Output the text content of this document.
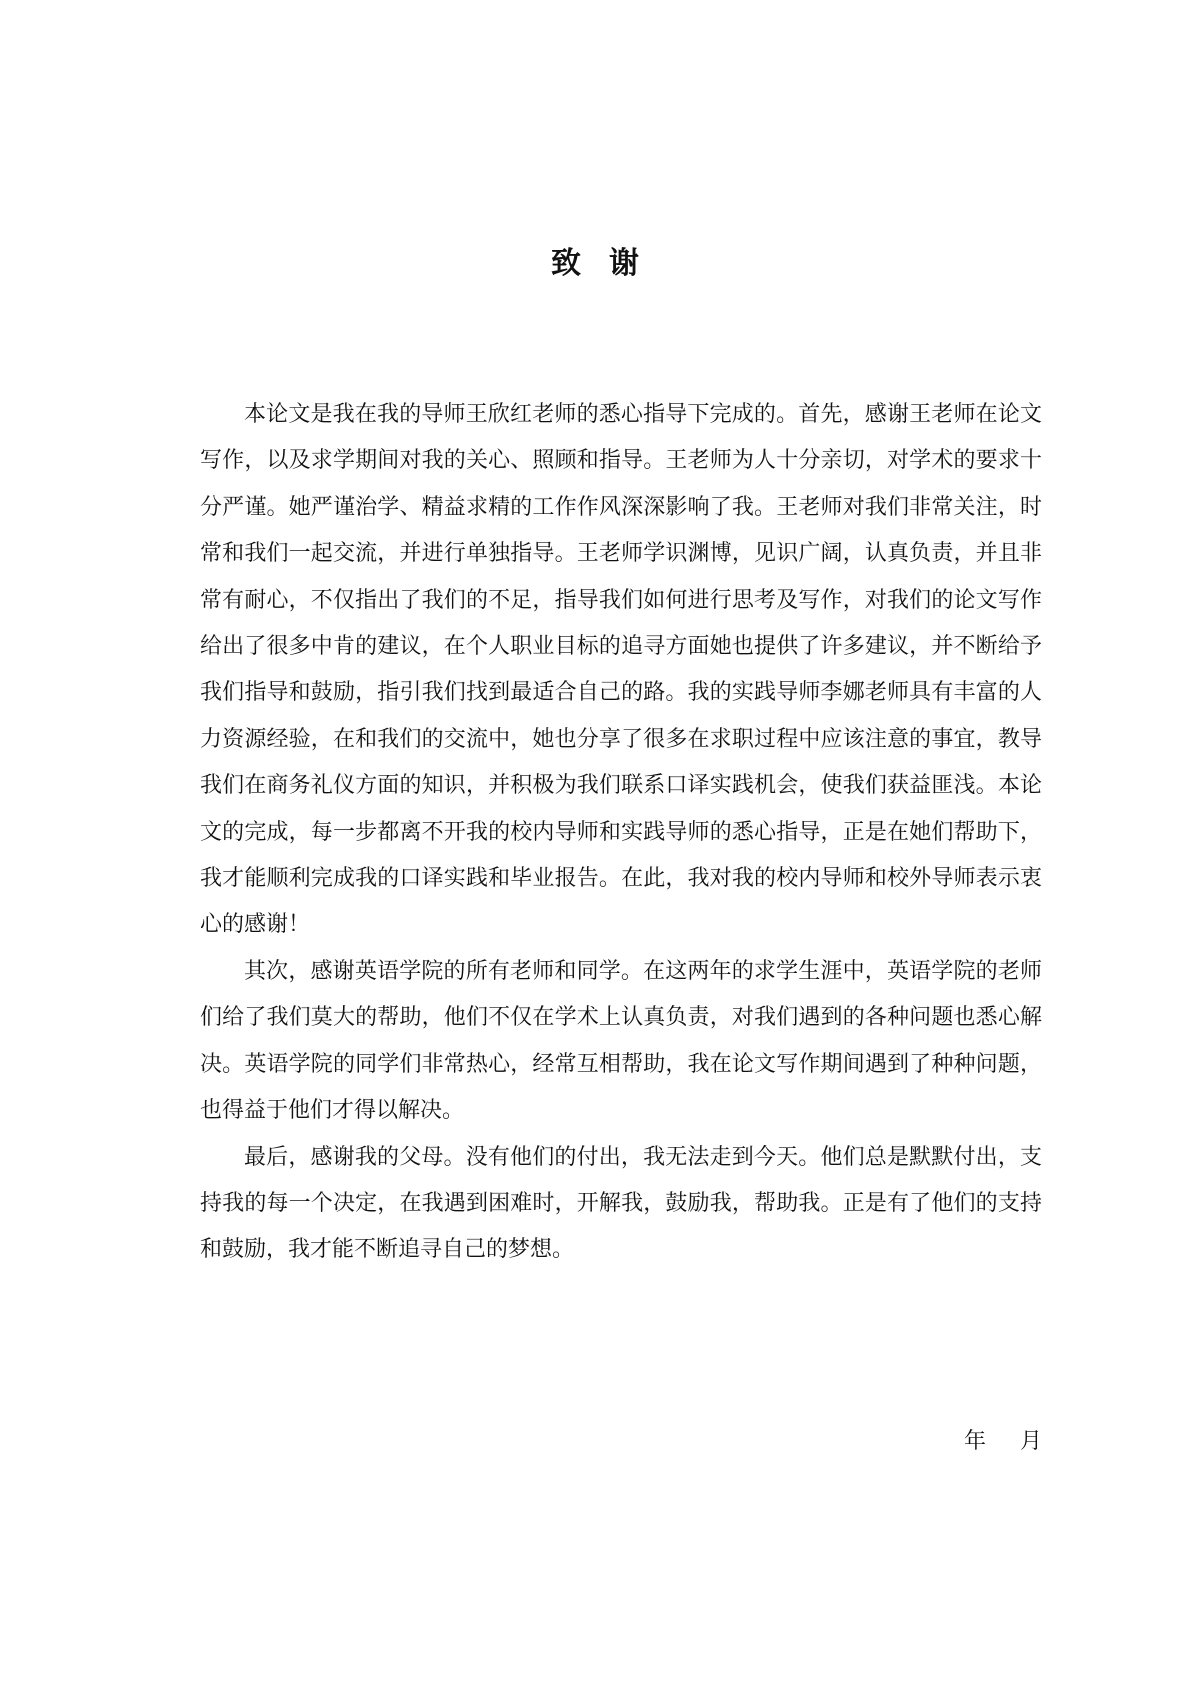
致 谢

本论文是我在我的导师王欣红老师的悉心指导下完成的。首先，感谢王老师在论文写作，以及求学期间对我的关心、照顾和指导。王老师为人十分亲切，对学术的要求十分严谨。她严谨治学、精益求精的工作作风深深影响了我。王老师对我们非常关注，时常和我们一起交流，并进行单独指导。王老师学识渊博，见识广阔，认真负责，并且非常有耐心，不仅指出了我们的不足，指导我们如何进行思考及写作，对我们的论文写作给出了很多中肯的建议，在个人职业目标的追寻方面她也提供了许多建议，并不断给予我们指导和鼓励，指引我们找到最适合自己的路。我的实践导师李娜老师具有丰富的人力资源经验，在和我们的交流中，她也分享了很多在求职过程中应该注意的事宜，教导我们在商务礼仪方面的知识，并积极为我们联系口译实践机会，使我们获益匪浅。本论文的完成，每一步都离不开我的校内导师和实践导师的悉心指导，正是在她们帮助下，我才能顺利完成我的口译实践和毕业报告。在此，我对我的校内导师和校外导师表示衷心的感谢！

其次，感谢英语学院的所有老师和同学。在这两年的求学生涯中，英语学院的老师们给了我们莫大的帮助，他们不仅在学术上认真负责，对我们遇到的各种问题也悉心解决。英语学院的同学们非常热心，经常互相帮助，我在论文写作期间遇到了种种问题，也得益于他们才得以解决。

最后，感谢我的父母。没有他们的付出，我无法走到今天。他们总是默默付出，支持我的每一个决定，在我遇到困难时，开解我，鼓励我，帮助我。正是有了他们的支持和鼓励，我才能不断追寻自己的梦想。

年 月
